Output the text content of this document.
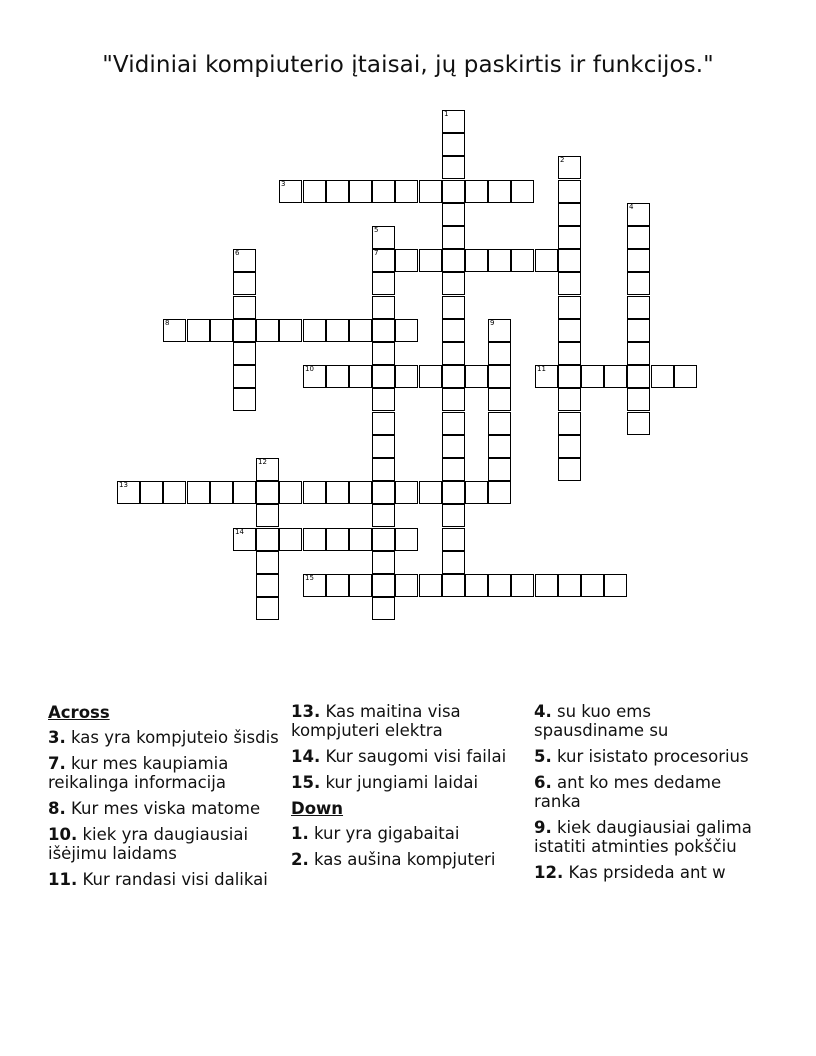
"Vidiniai kompiuterio įtaisai, jų paskirtis ir funkcijos."
1
2
3
4
5
7
6
8	9
10	11
12
13
14
15
Across
3. kas yra kompjuteio šisdis
7. kur mes kaupiamia reikalinga informacija
8. Kur mes viska matome
10. kiek yra daugiausiai išėjimu laidams
11. Kur randasi visi dalikai
13. Kas maitina visa kompjuteri elektra
14. Kur saugomi visi failai
15. kur jungiami laidai
Down
1. kur yra gigabaitai
2. kas aušina kompjuteri
4. su kuo ems spausdiname su
5. kur isistato procesorius
6. ant ko mes dedame ranka
9. kiek daugiausiai galima istatiti atminties pokščiu
12. Kas prsideda ant w
